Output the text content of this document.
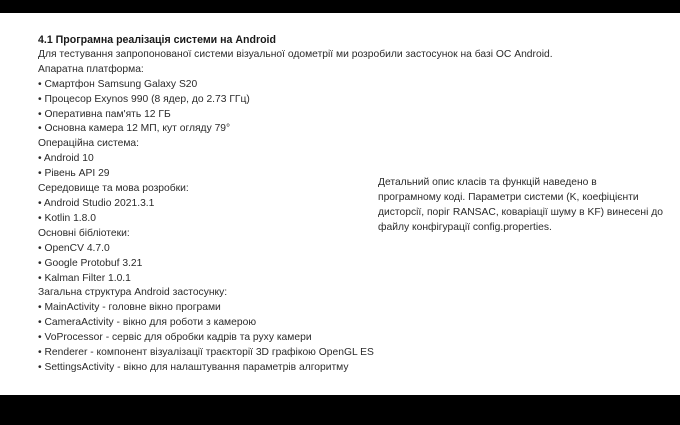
4.1 Програмна реалізація системи на Android
Для тестування запропонованої системи візуальної одометрії ми розробили застосунок на базі ОС Android.
Апаратна платформа:
• Смартфон Samsung Galaxy S20
• Процесор Exynos 990 (8 ядер, до 2.73 ГГц)
• Оперативна пам'ять 12 ГБ
• Основна камера 12 МП, кут огляду 79°
Операційна система:
• Android 10
• Рівень API 29
Середовище та мова розробки:
• Android Studio 2021.3.1
• Kotlin 1.8.0
Основні бібліотеки:
• OpenCV 4.7.0
• Google Protobuf 3.21
• Kalman Filter 1.0.1
Загальна структура Android застосунку:
• MainActivity - головне вікно програми
• CameraActivity - вікно для роботи з камерою
• VoProcessor - сервіс для обробки кадрів та руху камери
• Renderer - компонент візуалізації траєкторії 3D графікою OpenGL ES
• SettingsActivity - вікно для налаштування параметрів алгоритму
Детальний опис класів та функцій наведено в
програмному коді. Параметри системи (K, коефіцієнти
дисторсії, поріг RANSAC, коваріації шуму в KF) винесені до
файлу конфігурації config.properties.
